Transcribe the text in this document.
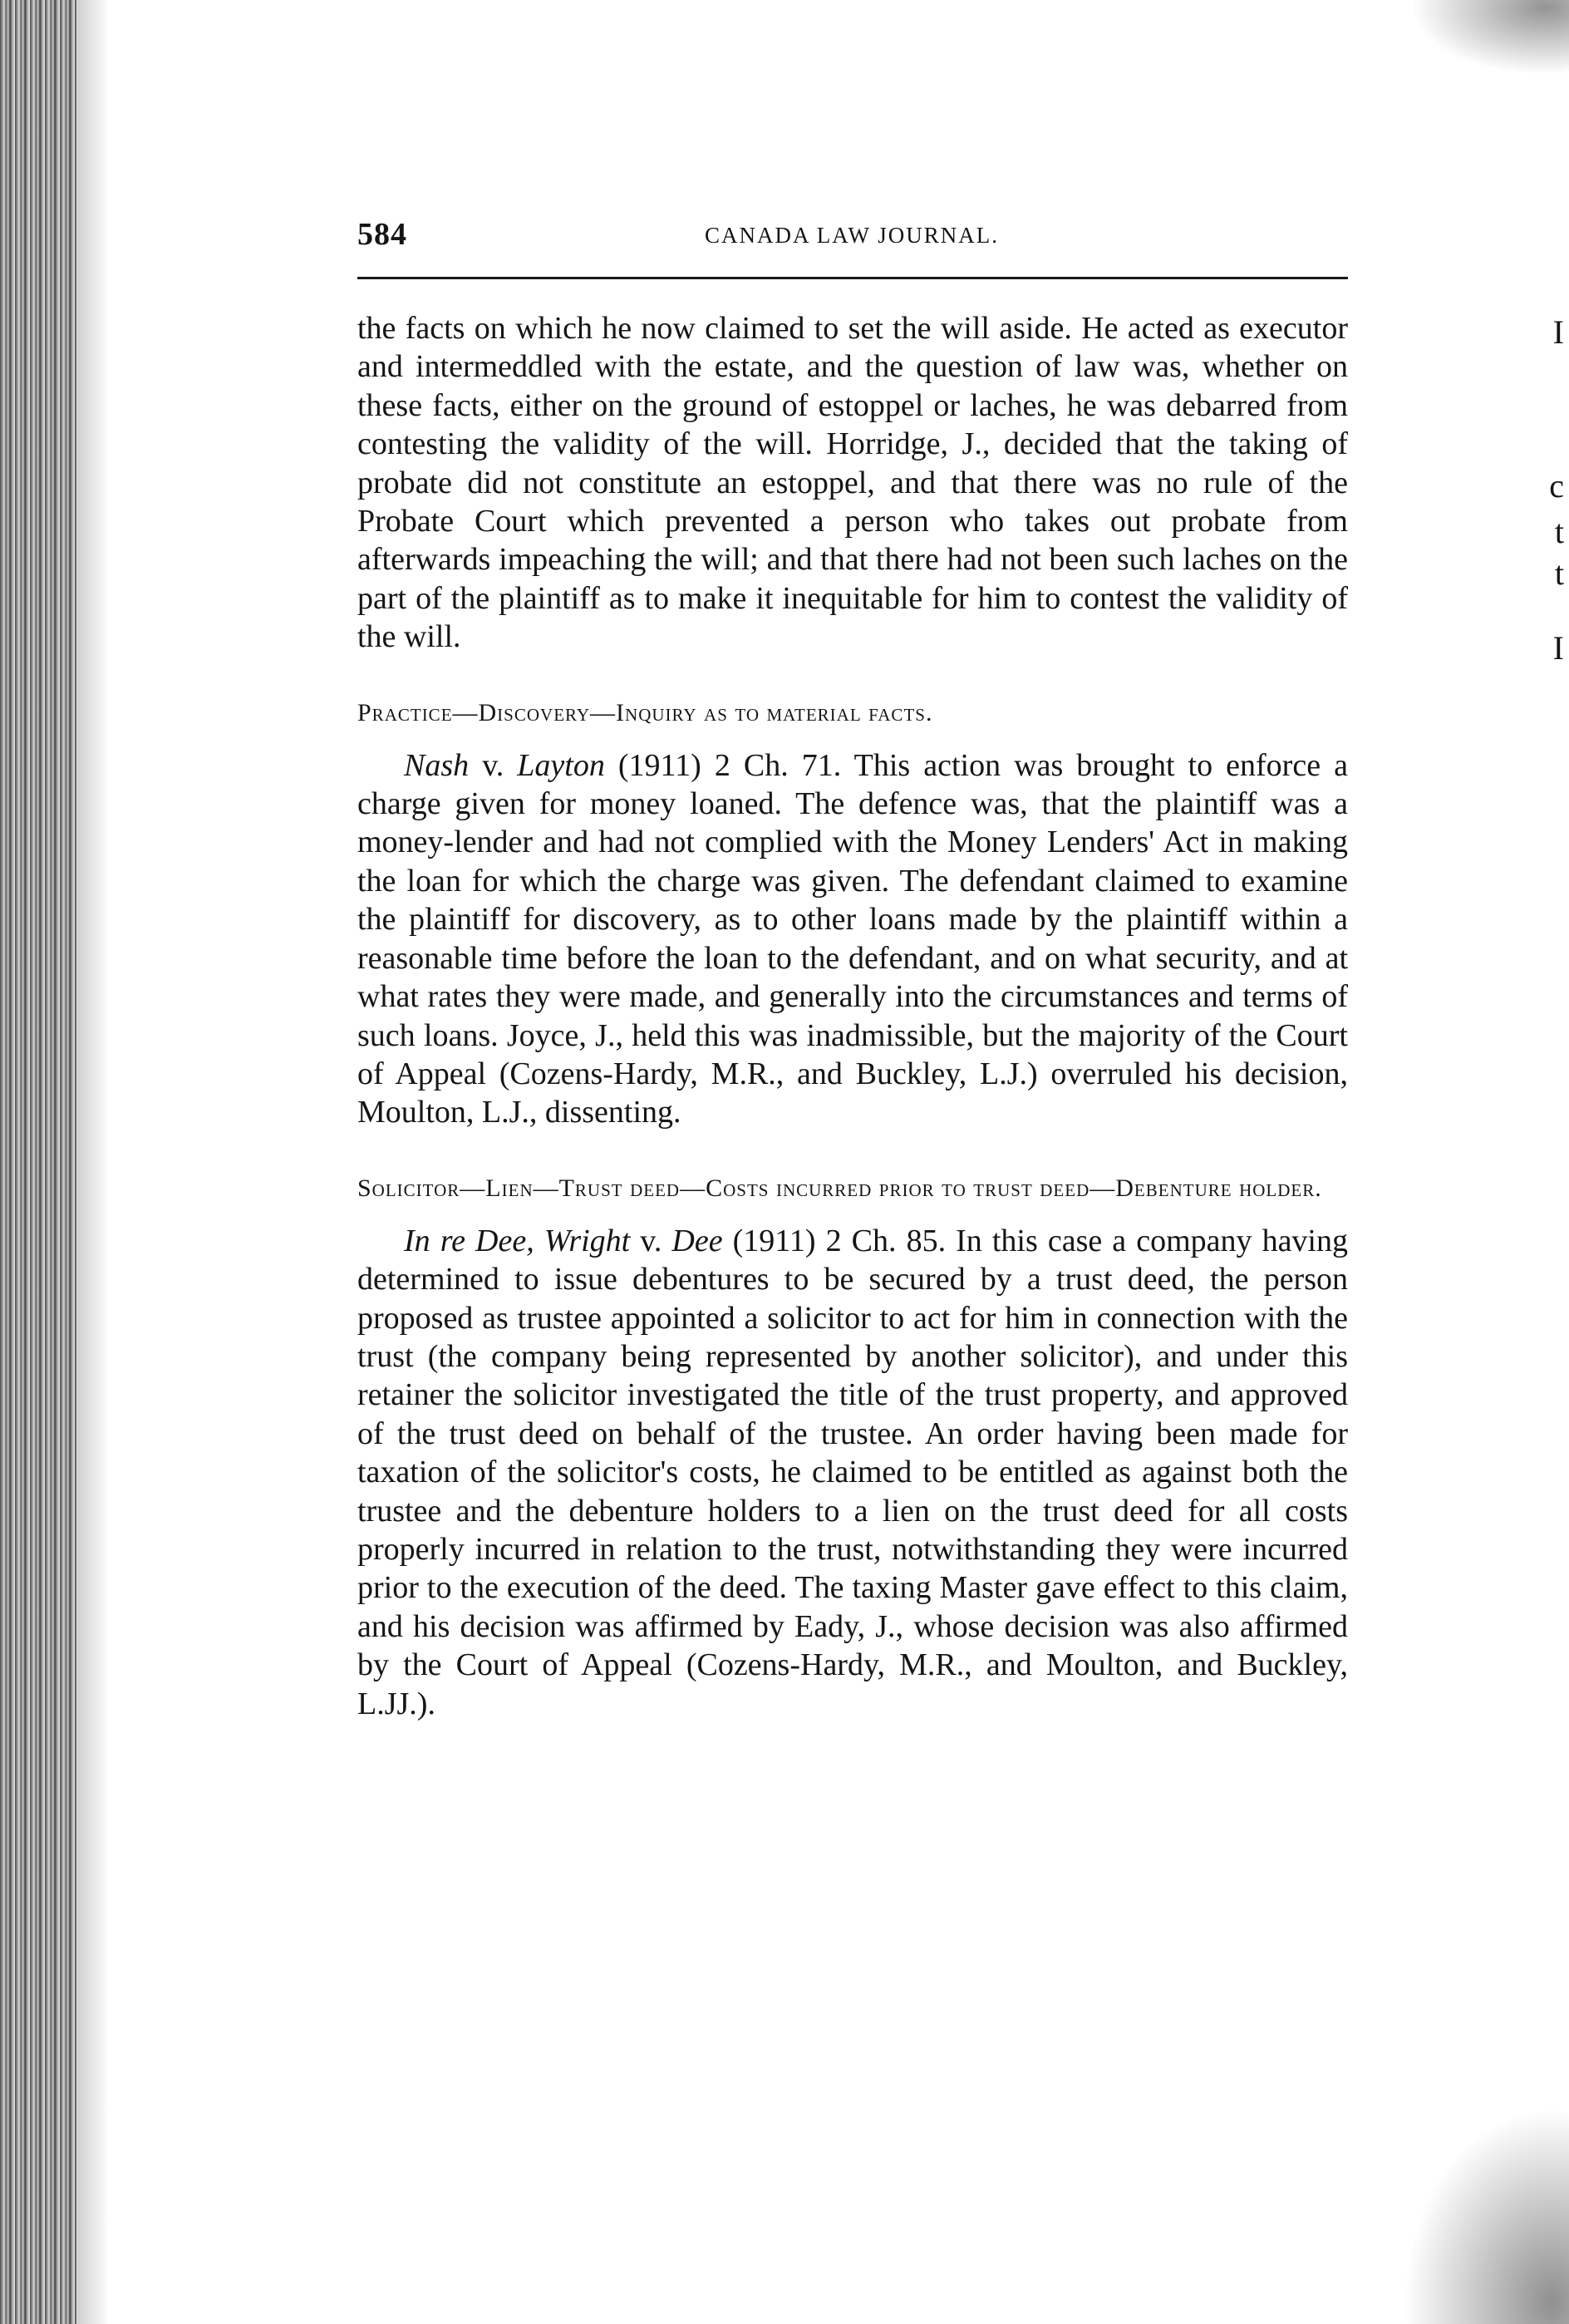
I
c
t
t
I
584	CANADA LAW JOURNAL.

the facts on which he now claimed to set the will aside. He acted as executor and intermeddled with the estate, and the question of law was, whether on these facts, either on the ground of estoppel or laches, he was debarred from contesting the validity of the will. Horridge, J., decided that the taking of probate did not constitute an estoppel, and that there was no rule of the Probate Court which prevented a person who takes out probate from afterwards impeaching the will; and that there had not been such laches on the part of the plaintiff as to make it inequitable for him to contest the validity of the will.

Practice—Discovery—Inquiry as to material facts.

Nash v. Layton (1911) 2 Ch. 71. This action was brought to enforce a charge given for money loaned. The defence was, that the plaintiff was a money-lender and had not complied with the Money Lenders' Act in making the loan for which the charge was given. The defendant claimed to examine the plaintiff for discovery, as to other loans made by the plaintiff within a reasonable time before the loan to the defendant, and on what security, and at what rates they were made, and generally into the circumstances and terms of such loans. Joyce, J., held this was inadmissible, but the majority of the Court of Appeal (Cozens-Hardy, M.R., and Buckley, L.J.) overruled his decision, Moulton, L.J., dissenting.

Solicitor—Lien—Trust deed—Costs incurred prior to trust deed—Debenture holder.

In re Dee, Wright v. Dee (1911) 2 Ch. 85. In this case a company having determined to issue debentures to be secured by a trust deed, the person proposed as trustee appointed a solicitor to act for him in connection with the trust (the company being represented by another solicitor), and under this retainer the solicitor investigated the title of the trust property, and approved of the trust deed on behalf of the trustee. An order having been made for taxation of the solicitor's costs, he claimed to be entitled as against both the trustee and the debenture holders to a lien on the trust deed for all costs properly incurred in relation to the trust, notwithstanding they were incurred prior to the execution of the deed. The taxing Master gave effect to this claim, and his decision was affirmed by Eady, J., whose decision was also affirmed by the Court of Appeal (Cozens-Hardy, M.R., and Moulton, and Buckley, L.JJ.).
